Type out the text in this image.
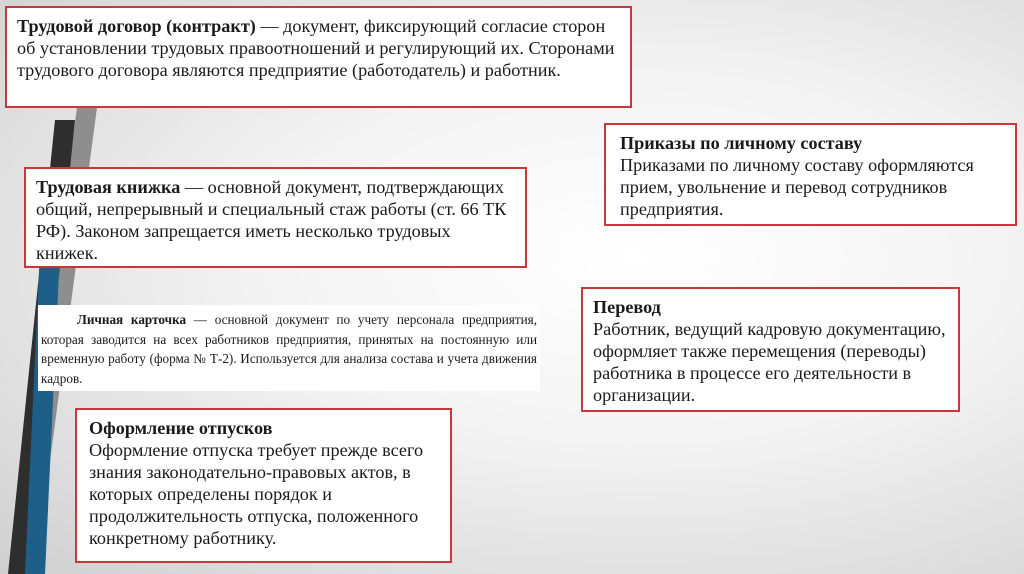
Трудовой договор (контракт) — документ, фиксирующий согласие сторон об установлении трудовых правоотношений и регулирующий их. Сторонами трудового договора являются предприятие (работодатель) и работник.
Приказы по личному составу
Приказами по личному составу оформляются прием, увольнение и перевод сотрудников предприятия.
Трудовая книжка — основной документ, подтверждающих общий, непрерывный и специальный стаж работы (ст. 66 ТК РФ). Законом запрещается иметь несколько трудовых книжек.
Личная карточка — основной документ по учету персонала предприятия, которая заводится на всех работников предприятия, принятых на постоянную или временную работу (форма № Т-2). Используется для анализа состава и учета движения кадров.
Перевод
Работник, ведущий кадровую документацию, оформляет также перемещения (переводы) работника в процессе его деятельности в организации.
Оформление отпусков
Оформление отпуска требует прежде всего знания законодательно-правовых актов, в которых определены порядок и продолжительность отпуска, положенного конкретному работнику.
